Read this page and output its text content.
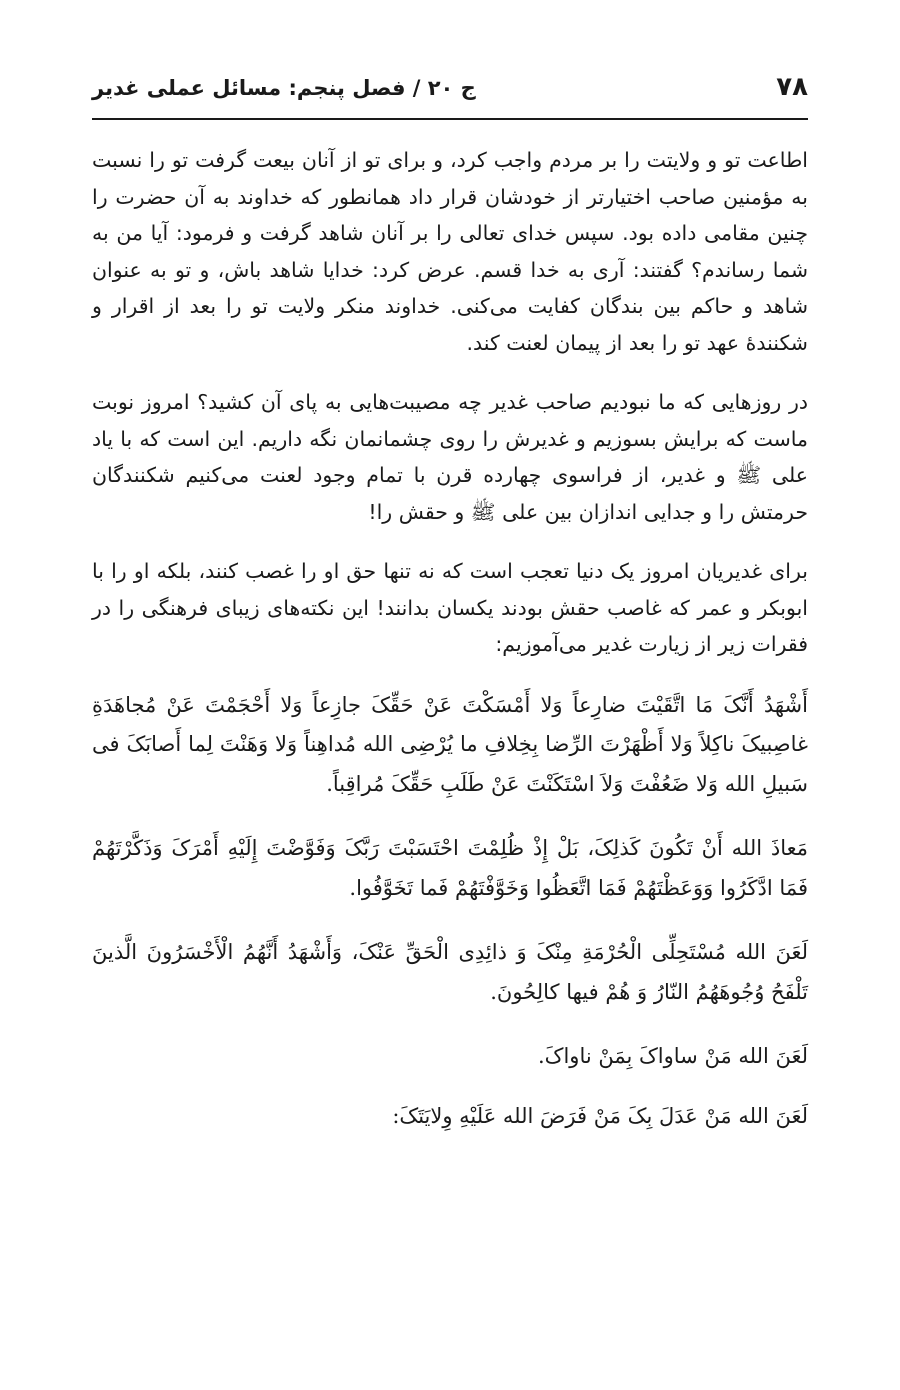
۷۸
ج ۲۰ / فصل پنجم: مسائل عملی غدیر

اطاعت تو و ولایتت را بر مردم واجب کرد، و برای تو از آنان بیعت گرفت تو را نسبت به مؤمنین صاحب اختیارتر از خودشان قرار داد همانطور که خداوند به آن حضرت را چنین مقامی داده بود. سپس خدای تعالی را بر آنان شاهد گرفت و فرمود: آیا من به شما رساندم؟ گفتند: آری به خدا قسم. عرض کرد: خدایا شاهد باش، و تو به عنوان شاهد و حاکم بین بندگان کفایت می‌کنی. خداوند منکر ولایت تو را بعد از اقرار و شکنندهٔ عهد تو را بعد از پیمان لعنت کند.

در روزهایی که ما نبودیم صاحب غدیر چه مصیبت‌هایی به پای آن کشید؟ امروز نوبت ماست که برایش بسوزیم و غدیرش را روی چشمانمان نگه داریم. این است که با یاد علی ﷺ و غدیر، از فراسوی چهارده قرن با تمام وجود لعنت می‌کنیم شکنندگان حرمتش را و جدایی اندازان بین علی ﷺ و حقش را!

برای غدیریان امروز یک دنیا تعجب است که نه تنها حق او را غصب کنند، بلکه او را با ابوبکر و عمر که غاصب حقش بودند یکسان بدانند! این نکته‌های زیبای فرهنگی را در فقرات زیر از زیارت غدیر می‌آموزیم:

أَشْهَدُ أَنَّکَ مَا اتَّقَیْتَ ضارِعاً وَلا أَمْسَکْتَ عَنْ حَقِّکَ جازِعاً وَلا أَحْجَمْتَ عَنْ مُجاهَدَةِ غاصِبیکَ ناکِلاً وَلا أَظْهَرْتَ الرِّضا بِخِلافِ ما یُرْضِی الله مُداهِناً وَلا وَهَنْتَ لِما أَصابَکَ فی سَبیلِ الله وَلا ضَعُفْتَ وَلاَ اسْتَکَنْتَ عَنْ طَلَبِ حَقِّکَ مُراقِباً.

مَعاذَ الله أَنْ تَکُونَ کَذلِکَ، بَلْ إِذْ ظُلِمْتَ احْتَسَبْتَ رَبَّکَ وَفَوَّضْتَ إِلَیْهِ أَمْرَکَ وَذَکَّرْتَهُمْ فَمَا ادَّکَرُوا وَوَعَظْتَهُمْ فَمَا اتَّعَظُوا وَخَوَّفْتَهُمْ فَما تَخَوَّفُوا.

لَعَنَ الله مُسْتَحِلِّی الْحُرْمَةِ مِنْکَ وَ ذائِدِی الْحَقِّ عَنْکَ، وَأَشْهَدُ أَنَّهُمُ الْأَخْسَرُونَ الَّذینَ تَلْفَحُ وُجُوهَهُمُ النّارُ وَ هُمْ فیها کالِحُونَ.

لَعَنَ الله مَنْ ساواکَ بِمَنْ ناواکَ.

لَعَنَ الله مَنْ عَدَلَ بِکَ مَنْ فَرَضَ الله عَلَیْهِ وِلایَتَکَ:
